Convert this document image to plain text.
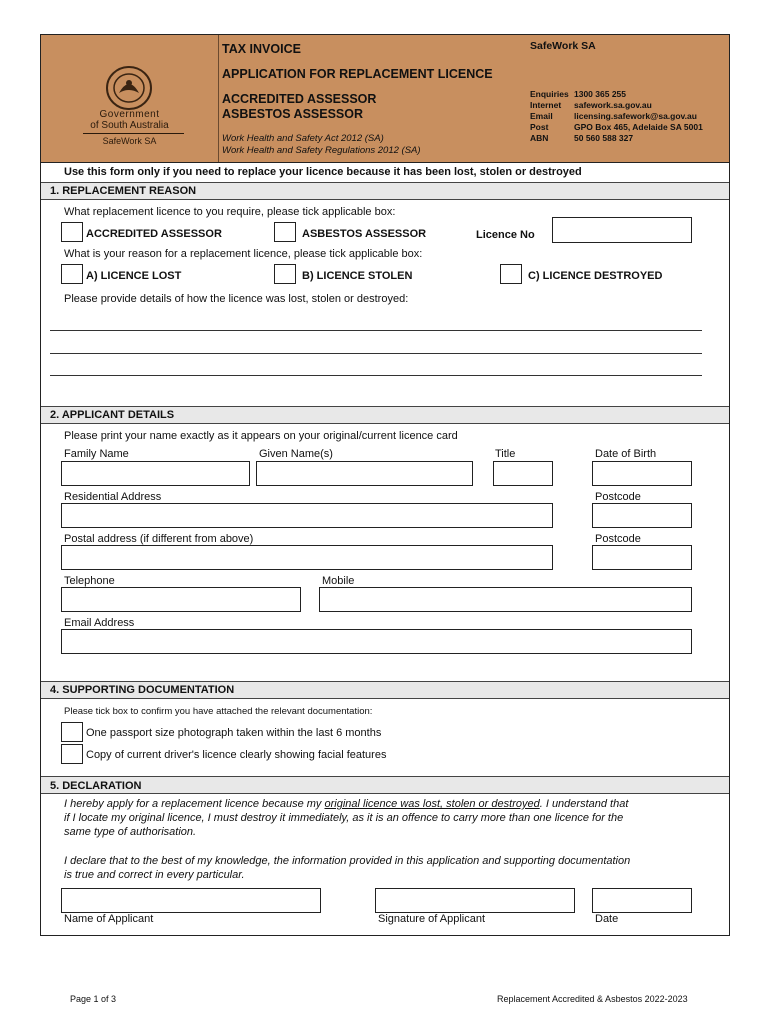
Government
of South Australia
SafeWork SA
TAX INVOICE	SafeWork SA
APPLICATION FOR REPLACEMENT LICENCE
ACCREDITED ASSESSOR
ASBESTOS ASSESSOR
Work Health and Safety Act 2012 (SA)
Work Health and Safety Regulations 2012 (SA)
Enquiries 1300 365 255
Internet safework.sa.gov.au
Email	licensing.safework@sa.gov.au
Post	GPO Box 465, Adelaide SA 5001
ABN	50 560 588 327
Use this form only if you need to replace your licence because it has been lost, stolen or destroyed
1. REPLACEMENT REASON
What replacement licence to you require, please tick applicable box:
ACCREDITED ASSESSOR	ASBESTOS ASSESSOR	Licence No
What is your reason for a replacement licence, please tick applicable box:
A) LICENCE LOST	B) LICENCE STOLEN	C) LICENCE DESTROYED
Please provide details of how the licence was lost, stolen or destroyed:
2. APPLICANT DETAILS
Please print your name exactly as it appears on your original/current licence card
Family Name	Given Name(s)	Title	Date of Birth
Residential Address	Postcode
Postal address (if different from above)	Postcode
Telephone	Mobile
Email Address
4. SUPPORTING DOCUMENTATION
Please tick box to confirm you have attached the relevant documentation:
One passport size photograph taken within the last 6 months
Copy of current driver's licence clearly showing facial features
5. DECLARATION
I hereby apply for a replacement licence because my original licence was lost, stolen or destroyed. I understand that
if I locate my original licence, I must destroy it immediately, as it is an offence to carry more than one licence for the
same type of authorisation.
I declare that to the best of my knowledge, the information provided in this application and supporting documentation
is true and correct in every particular.
Name of Applicant	Signature of Applicant	Date
Page 1 of 3	Replacement Accredited & Asbestos 2022-2023
